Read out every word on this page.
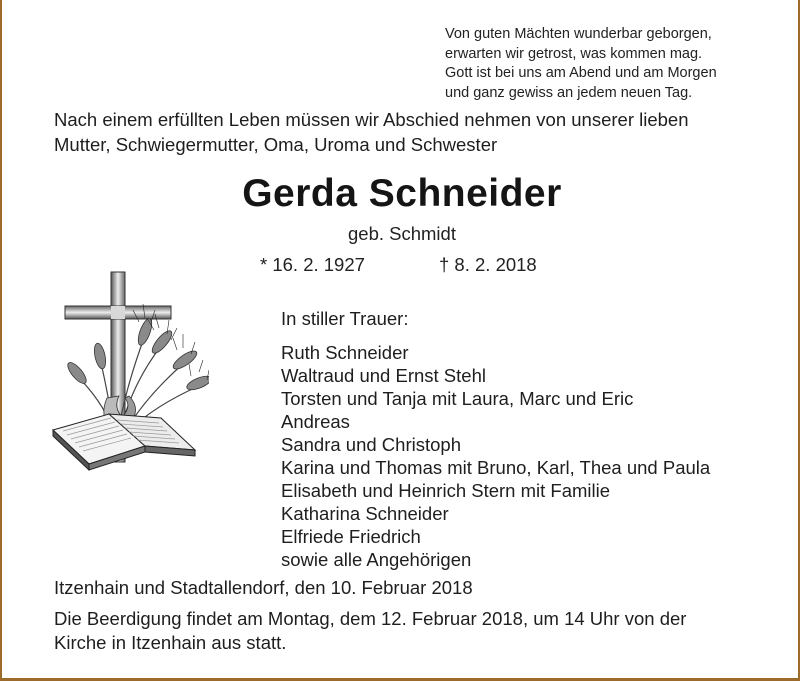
Von guten Mächten wunderbar geborgen,
erwarten wir getrost, was kommen mag.
Gott ist bei uns am Abend und am Morgen
und ganz gewiss an jedem neuen Tag.
Nach einem erfüllten Leben müssen wir Abschied nehmen von unserer lieben
Mutter, Schwiegermutter, Oma, Uroma und Schwester
Gerda Schneider
geb. Schmidt
* 16. 2. 1927	† 8. 2. 2018
In stiller Trauer:
Ruth Schneider
Waltraud und Ernst Stehl
Torsten und Tanja mit Laura, Marc und Eric
Andreas
Sandra und Christoph
Karina und Thomas mit Bruno, Karl, Thea und Paula
Elisabeth und Heinrich Stern mit Familie
Katharina Schneider
Elfriede Friedrich
sowie alle Angehörigen
Itzenhain und Stadtallendorf, den 10. Februar 2018
Die Beerdigung findet am Montag, dem 12. Februar 2018, um 14 Uhr von der
Kirche in Itzenhain aus statt.
